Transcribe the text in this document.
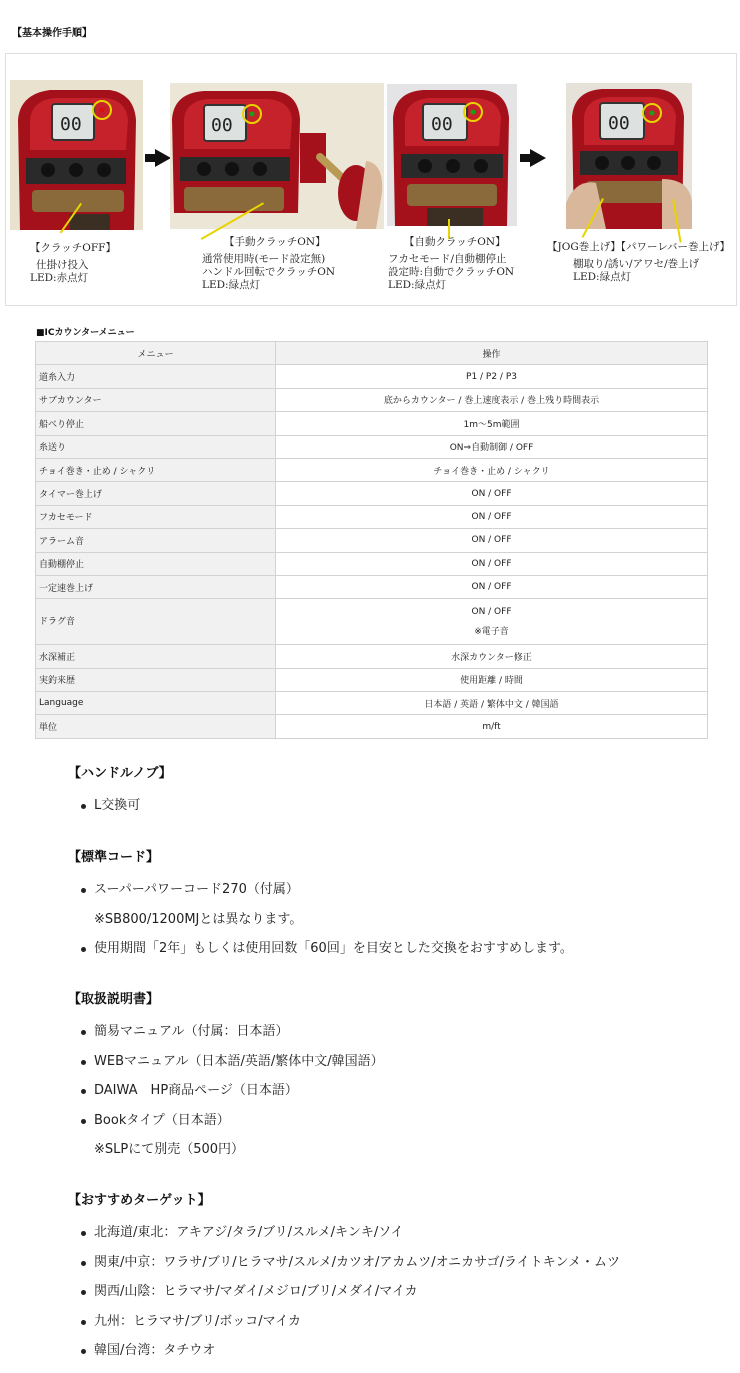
【基本操作手順】
00	00	00	00
【クラッチOFF】
仕掛け投入
LED:赤点灯
【手動クラッチON】
通常使用時(モード設定無)
ハンドル回転でクラッチON
LED:緑点灯
【自動クラッチON】
フカセモード/自動棚停止
設定時:自動でクラッチON
LED:緑点灯
【JOG巻上げ】【パワーレバー巻上げ】
棚取り/誘い/アワセ/巻上げ
LED:緑点灯
■ICカウンターメニュー
メニュー	操作
道糸入力	P1 / P2 / P3
サブカウンター	底からカウンター / 巻上速度表示 / 巻上残り時間表示
船べり停止	1m〜5m範囲
糸送り	ON⇒自動制御 / OFF
チョイ巻き・止め / シャクリ	チョイ巻き・止め / シャクリ
タイマー巻上げ	ON / OFF
フカセモード	ON / OFF
アラーム音	ON / OFF
自動棚停止	ON / OFF
一定速巻上げ	ON / OFF
ドラグ音	ON / OFF
※電子音

水深補正	水深カウンター修正
実釣来歴	使用距離 / 時間
Language	日本語 / 英語 / 繁体中文 / 韓国語
単位	m/ft
【ハンドルノブ】
L交換可
【標準コード】
スーパーパワーコード270（付属）
※SB800/1200MJとは異なります。
使用期間「2年」もしくは使用回数「60回」を目安とした交換をおすすめします。
【取扱説明書】
簡易マニュアル（付属：日本語）
WEBマニュアル（日本語/英語/繁体中文/韓国語）
DAIWA　HP商品ページ（日本語）
Bookタイプ（日本語）
※SLPにて別売（500円）
【おすすめターゲット】
北海道/東北：アキアジ/タラ/ブリ/スルメ/キンキ/ソイ
関東/中京：ワラサ/ブリ/ヒラマサ/スルメ/カツオ/アカムツ/オニカサゴ/ライトキンメ・ムツ
関西/山陰：ヒラマサ/マダイ/メジロ/ブリ/メダイ/マイカ
九州：ヒラマサ/ブリ/ボッコ/マイカ
韓国/台湾：タチウオ
